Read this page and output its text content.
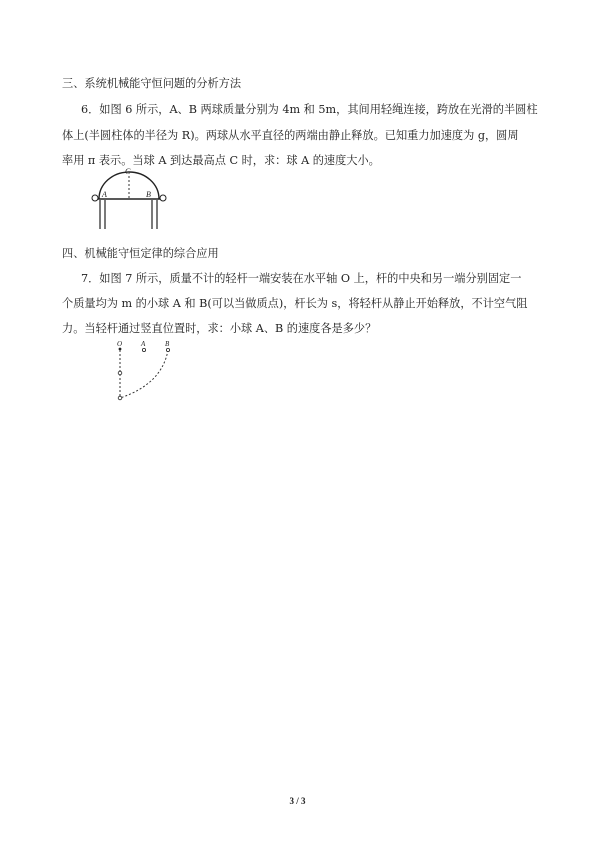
三、系统机械能守恒问题的分析方法
6．如图 6 所示，A、B 两球质量分别为 4m 和 5m，其间用轻绳连接，跨放在光滑的半圆柱
体上(半圆柱体的半径为 R)。两球从水平直径的两端由静止释放。已知重力加速度为 g，圆周
率用 π 表示。当球 A 到达最高点 C 时，求：球 A 的速度大小。
C
A	B
四、机械能守恒定律的综合应用
7．如图 7 所示，质量不计的轻杆一端安装在水平轴 O 上，杆的中央和另一端分别固定一
个质量均为 m 的小球 A 和 B(可以当做质点)，杆长为 s，将轻杆从静止开始释放，不计空气阻
力。当轻杆通过竖直位置时，求：小球 A、B 的速度各是多少？
O	A	B
3 / 3
